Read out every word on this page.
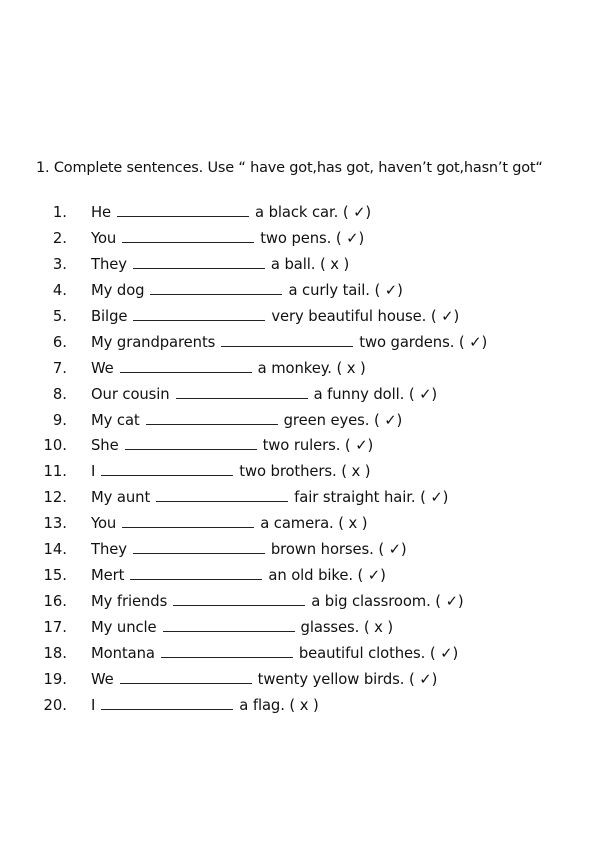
1. Complete sentences. Use “ have got,has got, haven’t got,hasn’t got“
1. He	a black car. ( ✓)
2. You	two pens. ( ✓)
3. They	a ball. ( x )
4. My dog	a curly tail. ( ✓)
5. Bilge	very beautiful house. ( ✓)
6. My grandparents	two gardens. ( ✓)
7. We	a monkey. ( x )
8. Our cousin	a funny doll. ( ✓)
9. My cat	green eyes. ( ✓)
10. She	two rulers. ( ✓)
11. I	two brothers. ( x )
12. My aunt	fair straight hair. ( ✓)
13. You	a camera. ( x )
14. They	brown horses. ( ✓)
15. Mert	an old bike. ( ✓)
16. My friends	a big classroom. ( ✓)
17. My uncle	glasses. ( x )
18. Montana	beautiful clothes. ( ✓)
19. We	twenty yellow birds. ( ✓)
20. I	a flag. ( x )
